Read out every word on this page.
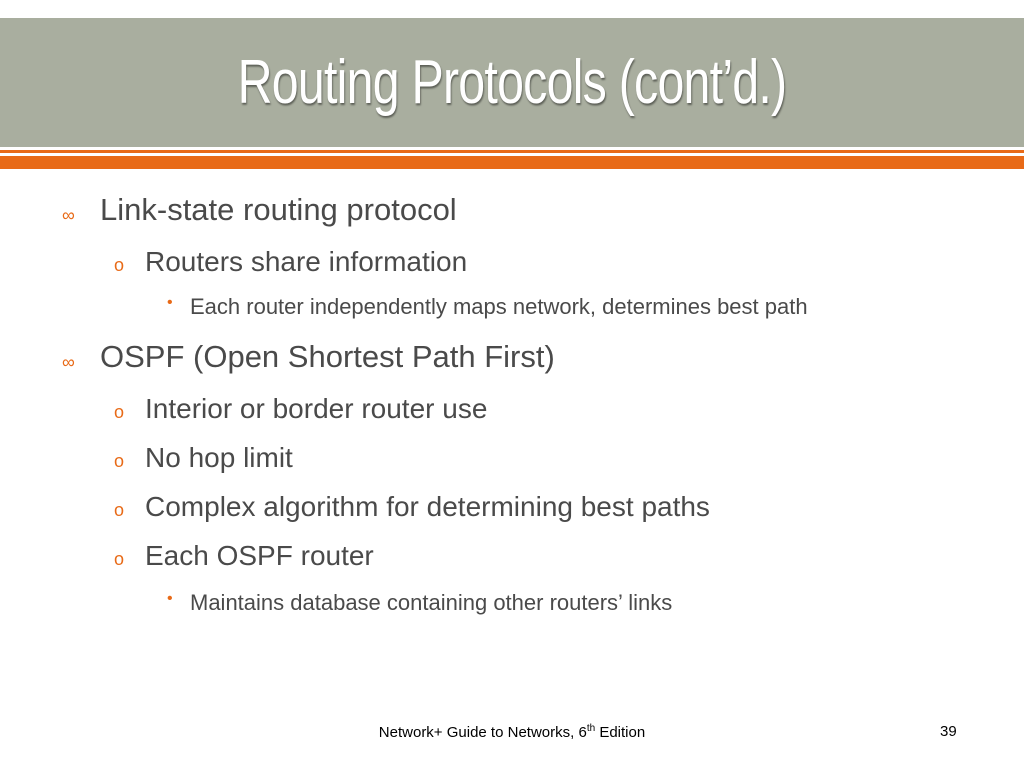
Routing Protocols (cont’d.)
∞ Link-state routing protocol
o Routers share information
• Each router independently maps network, determines best path
∞ OSPF (Open Shortest Path First)
o Interior or border router use
o No hop limit
o Complex algorithm for determining best paths
o Each OSPF router
• Maintains database containing other routers’ links
Network+ Guide to Networks, 6th Edition	39
